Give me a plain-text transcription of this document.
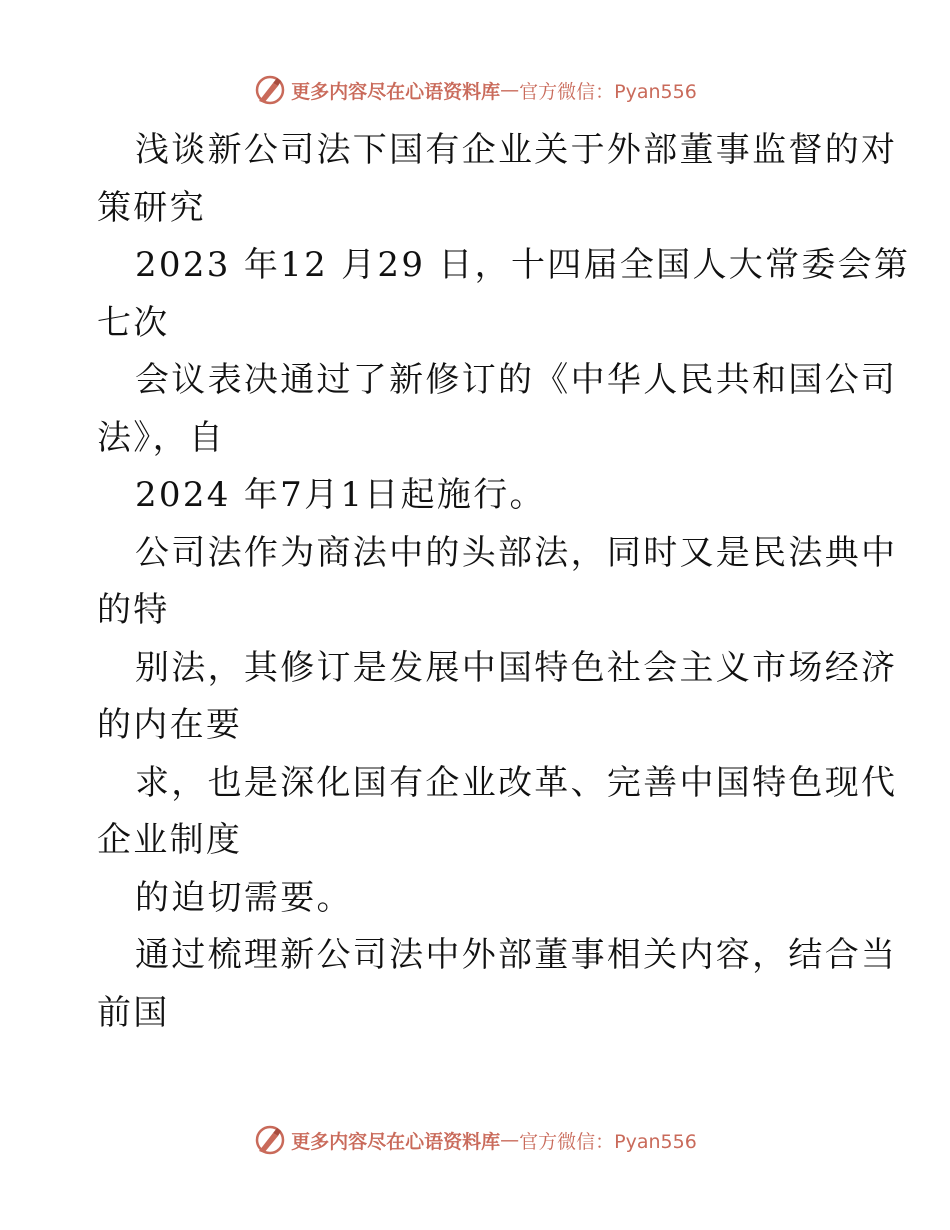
更多内容尽在心语资料库 — 官方微信：Pyan556
浅谈新公司法下国有企业关于外部董事监督的对
策研究
2023 年12 月29 日，十四届全国人大常委会第
七次
会议表决通过了新修订的《中华人民共和国公司
法》，自
2024 年7月1日起施行。
公司法作为商法中的头部法，同时又是民法典中
的特
别法，其修订是发展中国特色社会主义市场经济
的内在要
求，也是深化国有企业改革、完善中国特色现代
企业制度
的迫切需要。
通过梳理新公司法中外部董事相关内容，结合当
前国
更多内容尽在心语资料库 — 官方微信：Pyan556
